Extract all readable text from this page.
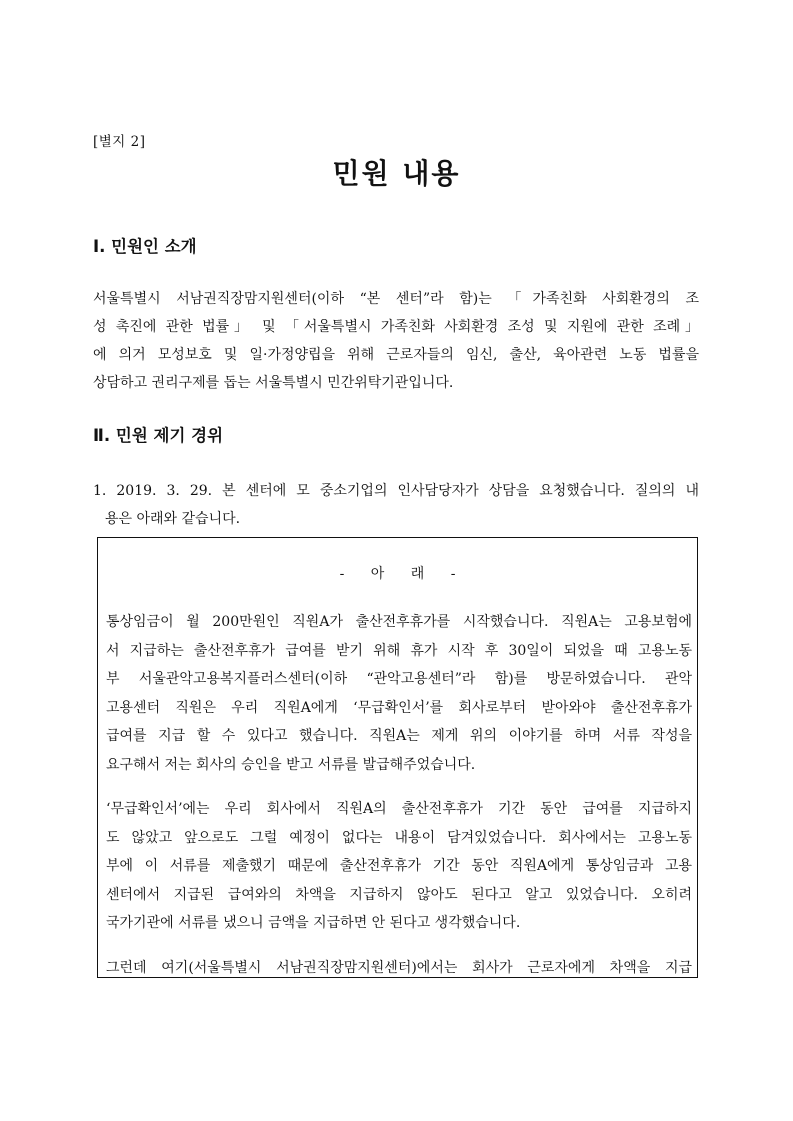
[별지 2]
민원 내용
Ⅰ. 민원인 소개
서울특별시 서남권직장맘지원센터(이하 “본 센터”라 함)는 「가족친화 사회환경의 조
성 촉진에 관한 법률」 및 「서울특별시 가족친화 사회환경 조성 및 지원에 관한 조례」
에 의거 모성보호 및 일·가정양립을 위해 근로자들의 임신, 출산, 육아관련 노동 법률을
상담하고 권리구제를 돕는 서울특별시 민간위탁기관입니다.
Ⅱ. 민원 제기 경위
1. 2019. 3. 29. 본 센터에 모 중소기업의 인사담당자가 상담을 요청했습니다. 질의의 내
용은 아래와 같습니다.
- 아 래 -
통상임금이 월 200만원인 직원A가 출산전후휴가를 시작했습니다. 직원A는 고용보험에
서 지급하는 출산전후휴가 급여를 받기 위해 휴가 시작 후 30일이 되었을 때 고용노동
부 서울관악고용복지플러스센터(이하 “관악고용센터”라 함)를 방문하였습니다. 관악
고용센터 직원은 우리 직원A에게 ‘무급확인서’를 회사로부터 받아와야 출산전후휴가
급여를 지급 할 수 있다고 했습니다. 직원A는 제게 위의 이야기를 하며 서류 작성을
요구해서 저는 회사의 승인을 받고 서류를 발급해주었습니다.
‘무급확인서’에는 우리 회사에서 직원A의 출산전후휴가 기간 동안 급여를 지급하지
도 않았고 앞으로도 그럴 예정이 없다는 내용이 담겨있었습니다. 회사에서는 고용노동
부에 이 서류를 제출했기 때문에 출산전후휴가 기간 동안 직원A에게 통상임금과 고용
센터에서 지급된 급여와의 차액을 지급하지 않아도 된다고 알고 있었습니다. 오히려
국가기관에 서류를 냈으니 금액을 지급하면 안 된다고 생각했습니다.
그런데 여기(서울특별시 서남권직장맘지원센터)에서는 회사가 근로자에게 차액을 지급
